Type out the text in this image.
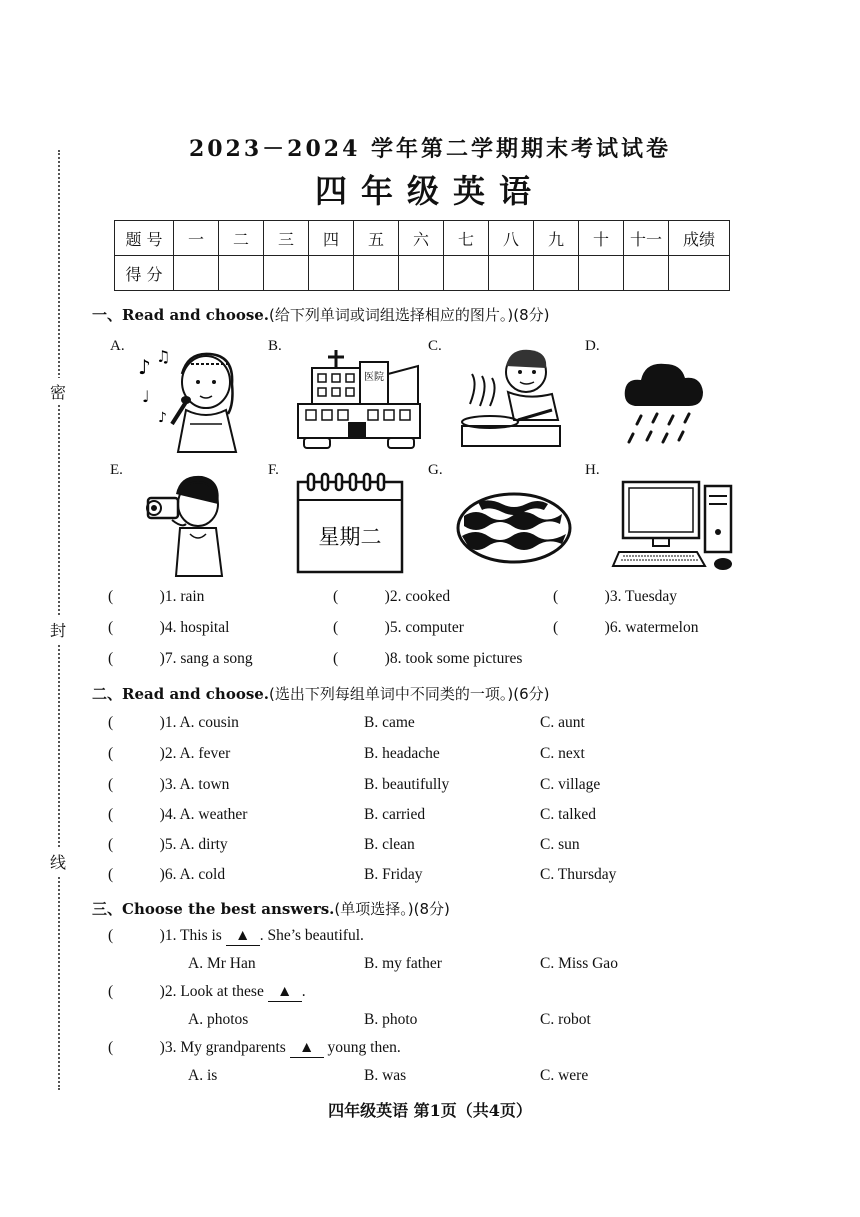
密
封
线
2023－2024 学年第二学期期末考试试卷
四年级英语
题 号	一	二	三	四	五	六	七	八	九	十	十一	成绩
得 分												
一、Read and choose.(给下列单词或词组选择相应的图片。)(8分)
A.
♪ ♫
♩
♪
B.
医院
C.	D.
E.	F.
星期二
G.	H.
(   )1. rain	(   )2. cooked	(   )3. Tuesday
(   )4. hospital	(   )5. computer	(   )6. watermelon
(   )7. sang a song	(   )8. took some pictures
二、Read and choose.(选出下列每组单词中不同类的一项。)(6分)
(   )1. A. cousin	B. came	C. aunt
(   )2. A. fever	B. headache	C. next
(   )3. A. town	B. beautifully	C. village
(   )4. A. weather	B. carried	C. talked
(   )5. A. dirty	B. clean	C. sun
(   )6. A. cold	B. Friday	C. Thursday
三、Choose the best answers.(单项选择。)(8分)
(   )1. This is ▲ . She’s beautiful.
A. Mr Han	B. my father	C. Miss Gao
(   )2. Look at these ▲ .
A. photos	B. photo	C. robot
(   )3. My grandparents ▲ young then.
A. is	B. was	C. were
四年级英语 第1页（共4页）
